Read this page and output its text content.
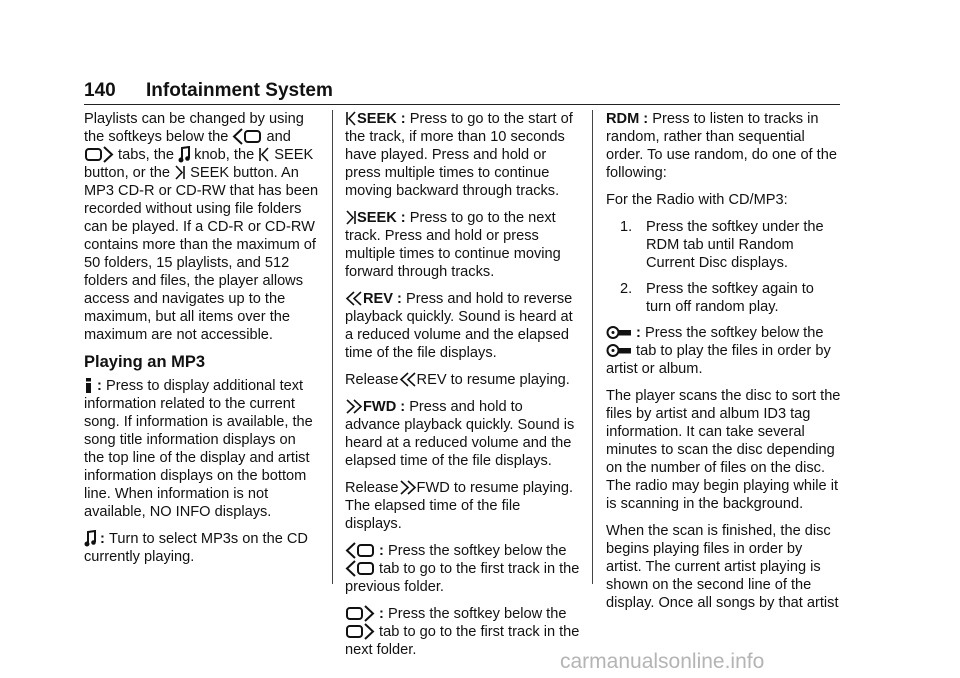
140 Infotainment System

Playlists can be changed by using the softkeys below the  and  tabs, the  knob, the  SEEK button, or the  SEEK button. An MP3 CD-R or CD-RW that has been recorded without using file folders can be played. If a CD-R or CD-RW contains more than the maximum of 50 folders, 15 playlists, and 512 folders and files, the player allows access and navigates up to the maximum, but all items over the maximum are not accessible.

Playing an MP3

: Press to display additional text information related to the current song. If information is available, the song title information displays on the top line of the display and artist information displays on the bottom line. When information is not available, NO INFO displays.

: Turn to select MP3s on the CD currently playing.

SEEK : Press to go to the start of the track, if more than 10 seconds have played. Press and hold or press multiple times to continue moving backward through tracks.

SEEK : Press to go to the next track. Press and hold or press multiple times to continue moving forward through tracks.

REV : Press and hold to reverse playback quickly. Sound is heard at a reduced volume and the elapsed time of the file displays.

Release REV to resume playing.

FWD : Press and hold to advance playback quickly. Sound is heard at a reduced volume and the elapsed time of the file displays.

Release FWD to resume playing. The elapsed time of the file displays.

: Press the softkey below the  tab to go to the first track in the previous folder.

: Press the softkey below the  tab to go to the first track in the next folder.

RDM : Press to listen to tracks in random, rather than sequential order. To use random, do one of the following:

For the Radio with CD/MP3:

1. Press the softkey under the RDM tab until Random Current Disc displays.
2. Press the softkey again to turn off random play.

: Press the softkey below the  tab to play the files in order by artist or album.

The player scans the disc to sort the files by artist and album ID3 tag information. It can take several minutes to scan the disc depending on the number of files on the disc. The radio may begin playing while it is scanning in the background.

When the scan is finished, the disc begins playing files in order by artist. The current artist playing is shown on the second line of the display. Once all songs by that artist

carmanualsonline.info
